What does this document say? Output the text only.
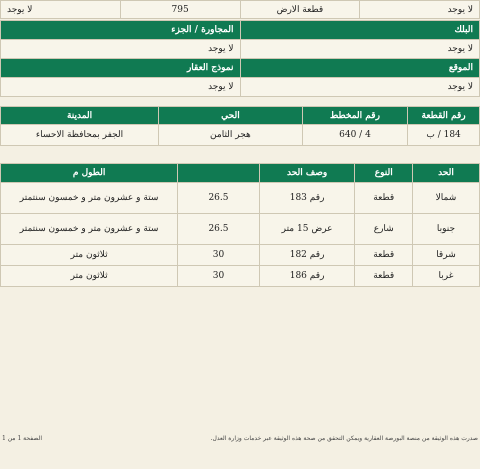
لا يوجد	قطعة الارض	795	لا يوجد
البلك	المجاورة / الجزء
لا يوجد	لا يوجد
الموقع	نموذج العقار
لا يوجد	لا يوجد
رقم القطعة	رقم المخطط	الحي	المدينة
184 / ب	4 / 640	هجر الثامن	الجفر بمحافظة الاحساء
الحد	النوع	وصف الحد		الطول م
شمالا	قطعة	رقم 183	26.5	ستة و عشرون متر و خمسون سنتمتر
جنوبا	شارع	عرض 15 متر	26.5	ستة و عشرون متر و خمسون سنتمتر
شرقا	قطعة	رقم 182	30	ثلاثون متر
غربا	قطعة	رقم 186	30	ثلاثون متر
صدرت هذه الوثيقة من منصة البورصة العقارية ويمكن التحقق من صحة هذه الوثيقة عبر خدمات وزارة العدل.
الصفحة 1 من 1
